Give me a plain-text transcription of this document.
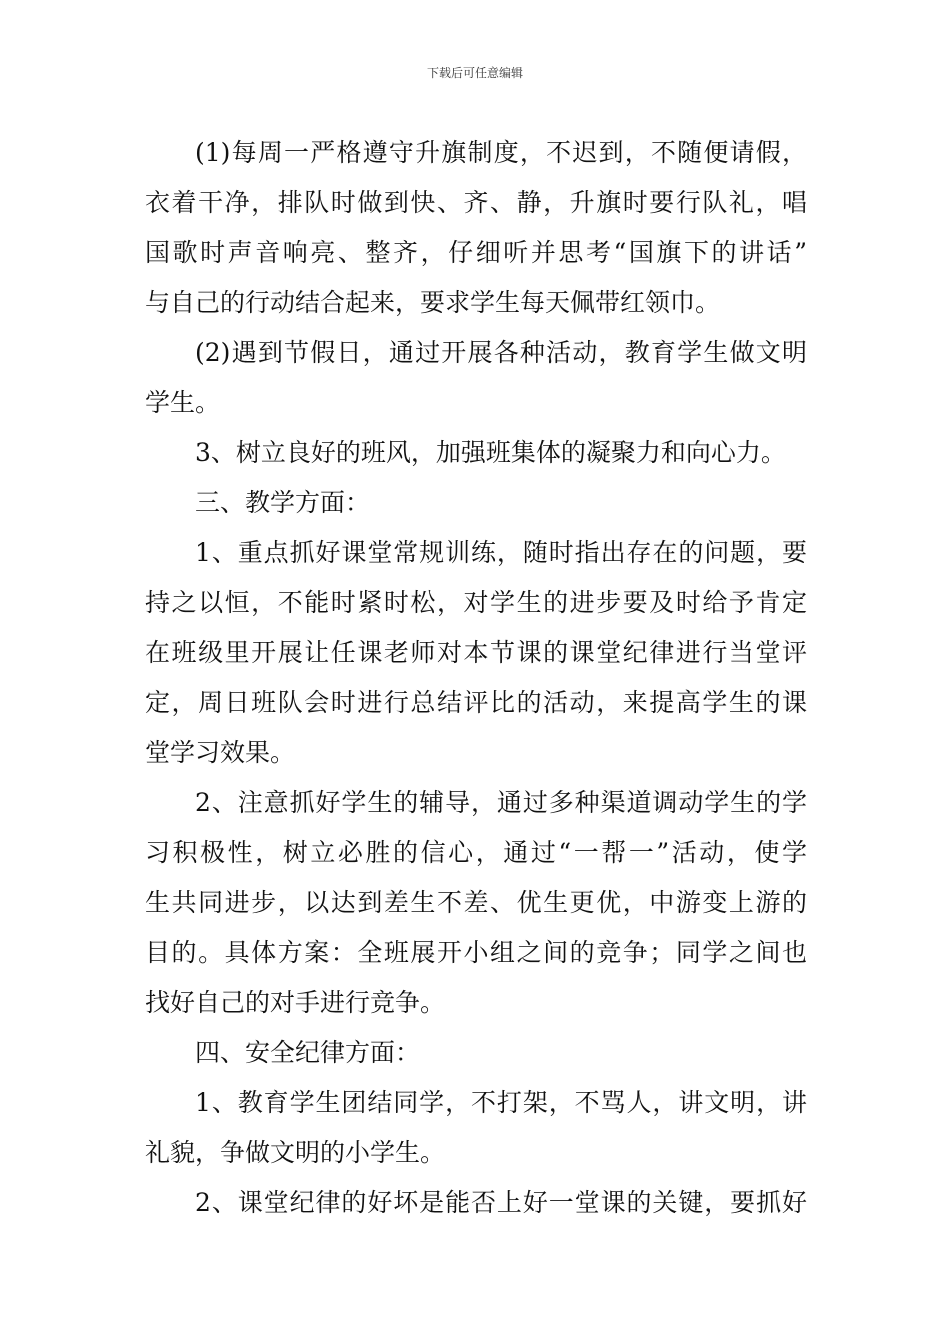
下载后可任意编辑
(1)每周一严格遵守升旗制度，不迟到，不随便请假，
衣着干净，排队时做到快、齐、静，升旗时要行队礼，唱
国歌时声音响亮、整齐，仔细听并思考“国旗下的讲话”
与自己的行动结合起来，要求学生每天佩带红领巾。
(2)遇到节假日，通过开展各种活动，教育学生做文明
学生。
3、树立良好的班风，加强班集体的凝聚力和向心力。
三、教学方面：
1、重点抓好课堂常规训练，随时指出存在的问题，要
持之以恒，不能时紧时松，对学生的进步要及时给予肯定
在班级里开展让任课老师对本节课的课堂纪律进行当堂评
定，周日班队会时进行总结评比的活动，来提高学生的课
堂学习效果。
2、注意抓好学生的辅导，通过多种渠道调动学生的学
习积极性，树立必胜的信心，通过“一帮一”活动，使学
生共同进步，以达到差生不差、优生更优，中游变上游的
目的。具体方案：全班展开小组之间的竞争；同学之间也
找好自己的对手进行竞争。
四、安全纪律方面：
1、教育学生团结同学，不打架，不骂人，讲文明，讲
礼貌，争做文明的小学生。
2、课堂纪律的好坏是能否上好一堂课的关键，要抓好
